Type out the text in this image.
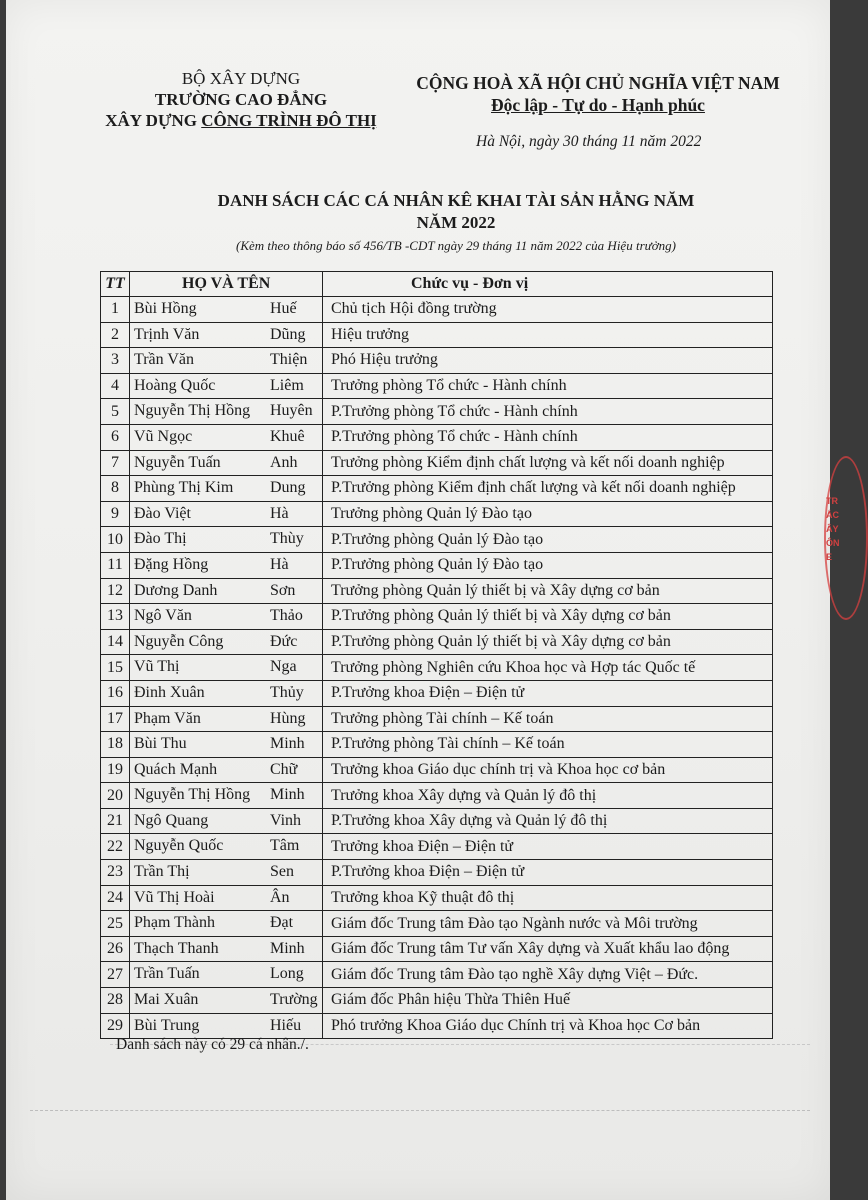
BỘ XÂY DỰNG
TRƯỜNG CAO ĐẲNG
XÂY DỰNG CÔNG TRÌNH ĐÔ THỊ
CỘNG HOÀ XÃ HỘI CHỦ NGHĨA VIỆT NAM
Độc lập - Tự do - Hạnh phúc
Hà Nội, ngày 30 tháng 11 năm 2022
DANH SÁCH CÁC CÁ NHÂN KÊ KHAI TÀI SẢN HẰNG NĂM
NĂM 2022
(Kèm theo thông báo số 456/TB -CDT ngày 29 tháng 11 năm 2022 của Hiệu trưởng)
TT	HỌ VÀ TÊN	Chức vụ - Đơn vị
1	Bùi Hồng Huế	Chủ tịch Hội đồng trường
2	Trịnh Văn Dũng	Hiệu trưởng
3	Trần Văn Thiện	Phó Hiệu trưởng
4	Hoàng Quốc Liêm	Trưởng phòng Tổ chức - Hành chính
5	Nguyễn Thị Hồng Huyên	P.Trưởng phòng Tổ chức - Hành chính
6	Vũ Ngọc Khuê	P.Trưởng phòng Tổ chức - Hành chính
7	Nguyễn Tuấn Anh	Trưởng phòng Kiểm định chất lượng và kết nối doanh nghiệp
8	Phùng Thị Kim Dung	P.Trưởng phòng Kiểm định chất lượng và kết nối doanh nghiệp
9	Đào Việt Hà	Trưởng phòng Quản lý Đào tạo
10	Đào Thị Thùy	P.Trưởng phòng Quản lý Đào tạo
11	Đặng Hồng Hà	P.Trưởng phòng Quản lý Đào tạo
12	Dương Danh Sơn	Trưởng phòng Quản lý thiết bị và Xây dựng cơ bản
13	Ngô Văn Thảo	P.Trưởng phòng Quản lý thiết bị và Xây dựng cơ bản
14	Nguyễn Công Đức	P.Trưởng phòng Quản lý thiết bị và Xây dựng cơ bản
15	Vũ Thị Nga	Trưởng phòng Nghiên cứu Khoa học và Hợp tác Quốc tế
16	Đinh Xuân Thủy	P.Trưởng khoa Điện – Điện tử
17	Phạm Văn Hùng	Trưởng phòng Tài chính – Kế toán
18	Bùi Thu Minh	P.Trưởng phòng Tài chính – Kế toán
19	Quách Mạnh Chữ	Trưởng khoa Giáo dục chính trị và Khoa học cơ bản
20	Nguyễn Thị Hồng Minh	Trưởng khoa Xây dựng và Quản lý đô thị
21	Ngô Quang Vinh	P.Trưởng khoa Xây dựng và Quản lý đô thị
22	Nguyễn Quốc Tâm	Trưởng khoa Điện – Điện tử
23	Trần Thị Sen	P.Trưởng khoa Điện – Điện tử
24	Vũ Thị Hoài Ân	Trưởng khoa Kỹ thuật đô thị
25	Phạm Thành Đạt	Giám đốc Trung tâm Đào tạo Ngành nước và Môi trường
26	Thạch Thanh Minh	Giám đốc Trung tâm Tư vấn Xây dựng và Xuất khẩu lao động
27	Trần Tuấn Long	Giám đốc Trung tâm Đào tạo nghề Xây dựng Việt – Đức.
28	Mai Xuân Trường	Giám đốc Phân hiệu Thừa Thiên Huế
29	Bùi Trung Hiếu	Phó trưởng Khoa Giáo dục Chính trị và Khoa học Cơ bản
Danh sách này có 29 cá nhân./.
TR
ẮC
ÂY
ÔN
E
